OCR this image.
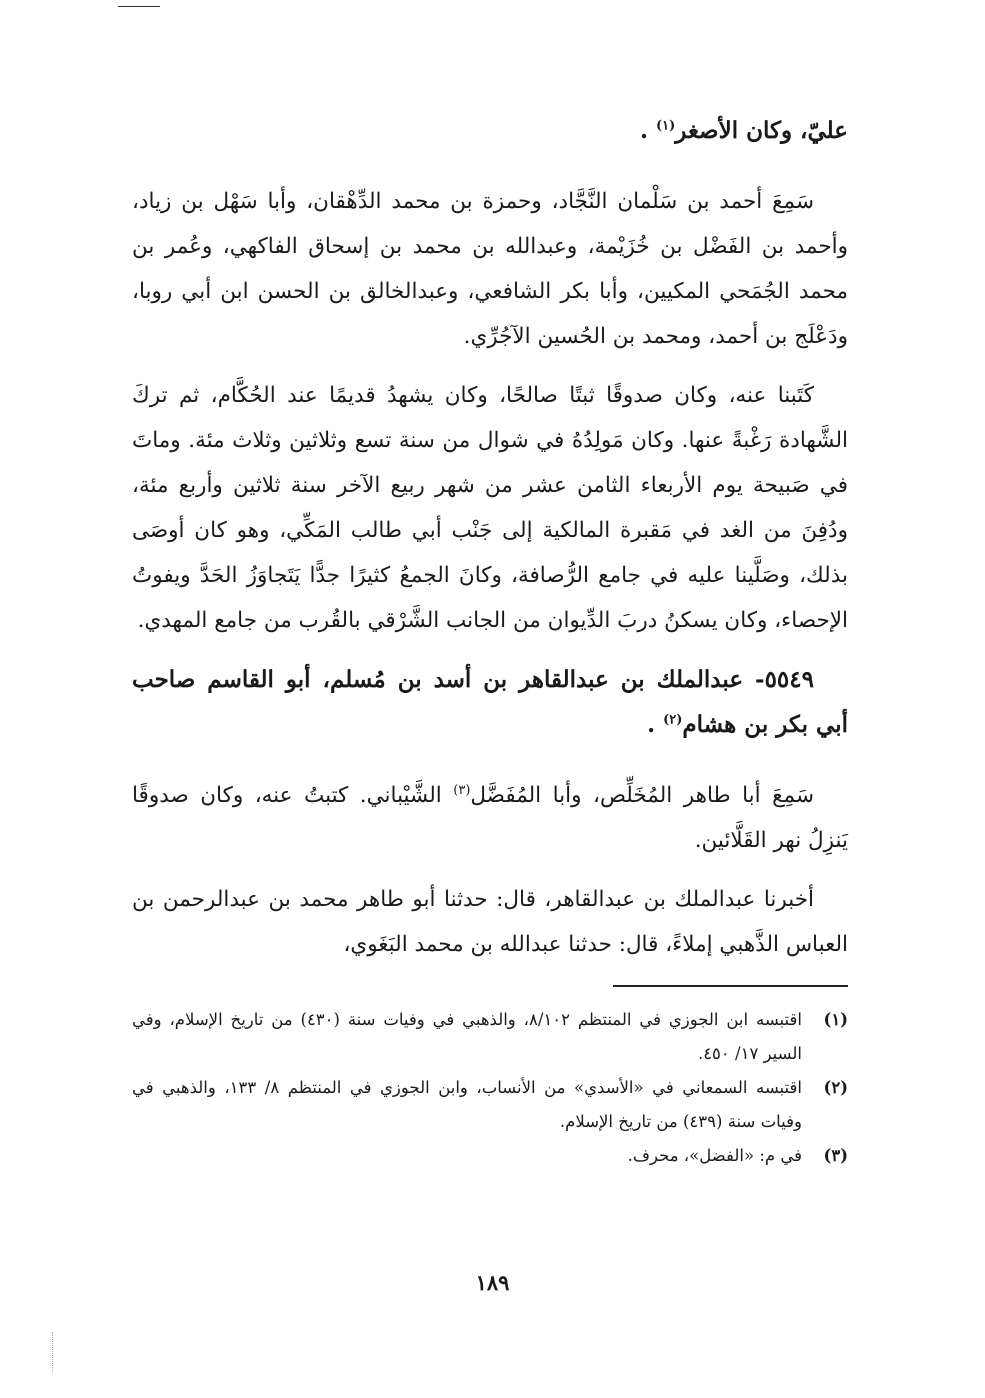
عليّ، وكان الأصغر$^{(١)}$ .

سَمِعَ أحمد بن سَلْمان النَّجَّاد، وحمزة بن محمد الدِّهْقان، وأبا سَهْل بن زياد، وأحمد بن الفَضْل بن خُزَيْمة، وعبدالله بن محمد بن إسحاق الفاكهي، وعُمر بن محمد الجُمَحي المكيين، وأبا بكر الشافعي، وعبدالخالق بن الحسن ابن أبي روبا، ودَعْلَج بن أحمد، ومحمد بن الحُسين الآجُرِّي.

كَتَبنا عنه، وكان صدوقًا ثبتًا صالحًا، وكان يشهدُ قديمًا عند الحُكَّام، ثم تركَ الشَّهادة رَغْبةً عنها. وكان مَولِدُهُ في شوال من سنة تسع وثلاثين وثلاث مئة. وماتَ في صَبيحة يوم الأربعاء الثامن عشر من شهر ربيع الآخر سنة ثلاثين وأربع مئة، ودُفِنَ من الغد في مَقبرة المالكية إلى جَنْب أبي طالب المَكِّي، وهو كان أوصَى بذلك، وصَلَّينا عليه في جامع الرُّصافة، وكانَ الجمعُ كثيرًا جدًّا يَتَجاوَزُ الحَدَّ ويفوتُ الإحصاء، وكان يسكنُ دربَ الدِّيوان من الجانب الشَّرْقي بالقُرب من جامع المهدي.

٥٥٤٩- عبدالملك بن عبدالقاهر بن أسد بن مُسلم، أبو القاسم صاحب أبي بكر بن هشام$^{(٢)}$ .

سَمِعَ أبا طاهر المُخَلِّص، وأبا المُفَضَّل$^{(٣)}$ الشَّيْباني. كتبتُ عنه، وكان صدوقًا يَنزِلُ نهر القَلَّائين.

أخبرنا عبدالملك بن عبدالقاهر، قال: حدثنا أبو طاهر محمد بن عبدالرحمن بن العباس الذَّهبي إملاءً، قال: حدثنا عبدالله بن محمد البَغَوي،

(١)
اقتبسه ابن الجوزي في المنتظم ٨/١٠٢، والذهبي في وفيات سنة (٤٣٠) من تاريخ الإسلام، وفي السير ١٧/ ٤٥٠.
(٢)
اقتبسه السمعاني في «الأسدي» من الأنساب، وابن الجوزي في المنتظم ٨/ ١٣٣، والذهبي في وفيات سنة (٤٣٩) من تاريخ الإسلام.
(٣)
في م: «الفضل»، محرف.
١٨٩
